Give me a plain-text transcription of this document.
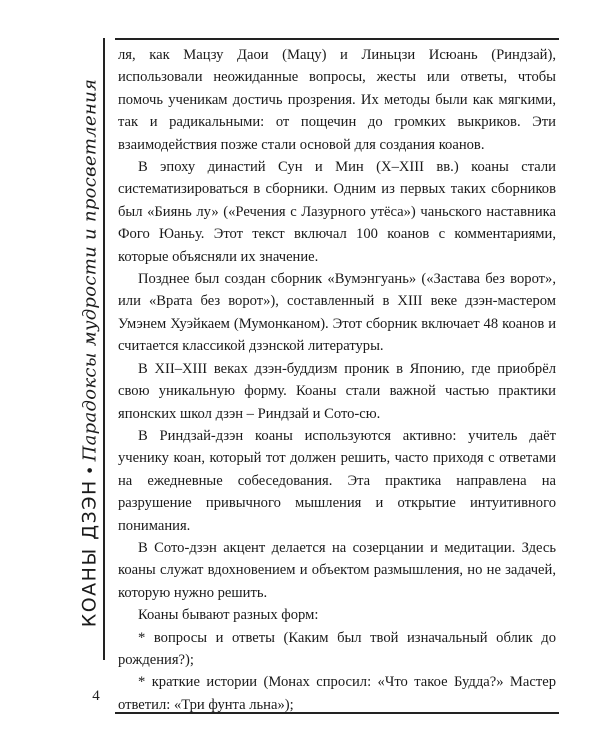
КОАНЫ ДЗЭН•Парадоксы мудрости и просветления
4

ля, как Мацзу Даои (Мацу) и Линьцзи Исюань (Риндзай), использовали неожиданные вопросы, жесты или ответы, чтобы помочь ученикам достичь прозрения. Их методы были как мягкими, так и радикальными: от пощечин до громких выкриков. Эти взаимодействия позже стали основой для создания коанов.

В эпоху династий Сун и Мин (X–XIII вв.) коаны стали систематизироваться в сборники. Одним из первых таких сборников был «Биянь лу» («Речения с Лазурного утёса») чаньского наставника Фого Юаньу. Этот текст включал 100 коанов с комментариями, которые объясняли их значение.

Позднее был создан сборник «Вумэнгуань» («Застава без ворот», или «Врата без ворот»), составленный в XIII веке дзэн-мастером Умэнем Хуэйкаем (Мумонканом). Этот сборник включает 48 коанов и считается классикой дзэнской литературы.

В XII–XIII веках дзэн-буддизм проник в Японию, где приобрёл свою уникальную форму. Коаны стали важной частью практики японских школ дзэн – Риндзай и Сото-сю.

В Риндзай-дзэн коаны используются активно: учитель даёт ученику коан, который тот должен решить, часто приходя с ответами на ежедневные собеседования. Эта практика направлена на разрушение привычного мышления и открытие интуитивного понимания.

В Сото-дзэн акцент делается на созерцании и медитации. Здесь коаны служат вдохновением и объектом размышления, но не задачей, которую нужно решить.

Коаны бывают разных форм:

* вопросы и ответы (Каким был твой изначальный облик до рождения?);

* краткие истории (Монах спросил: «Что такое Будда?» Мастер ответил: «Три фунта льна»);
